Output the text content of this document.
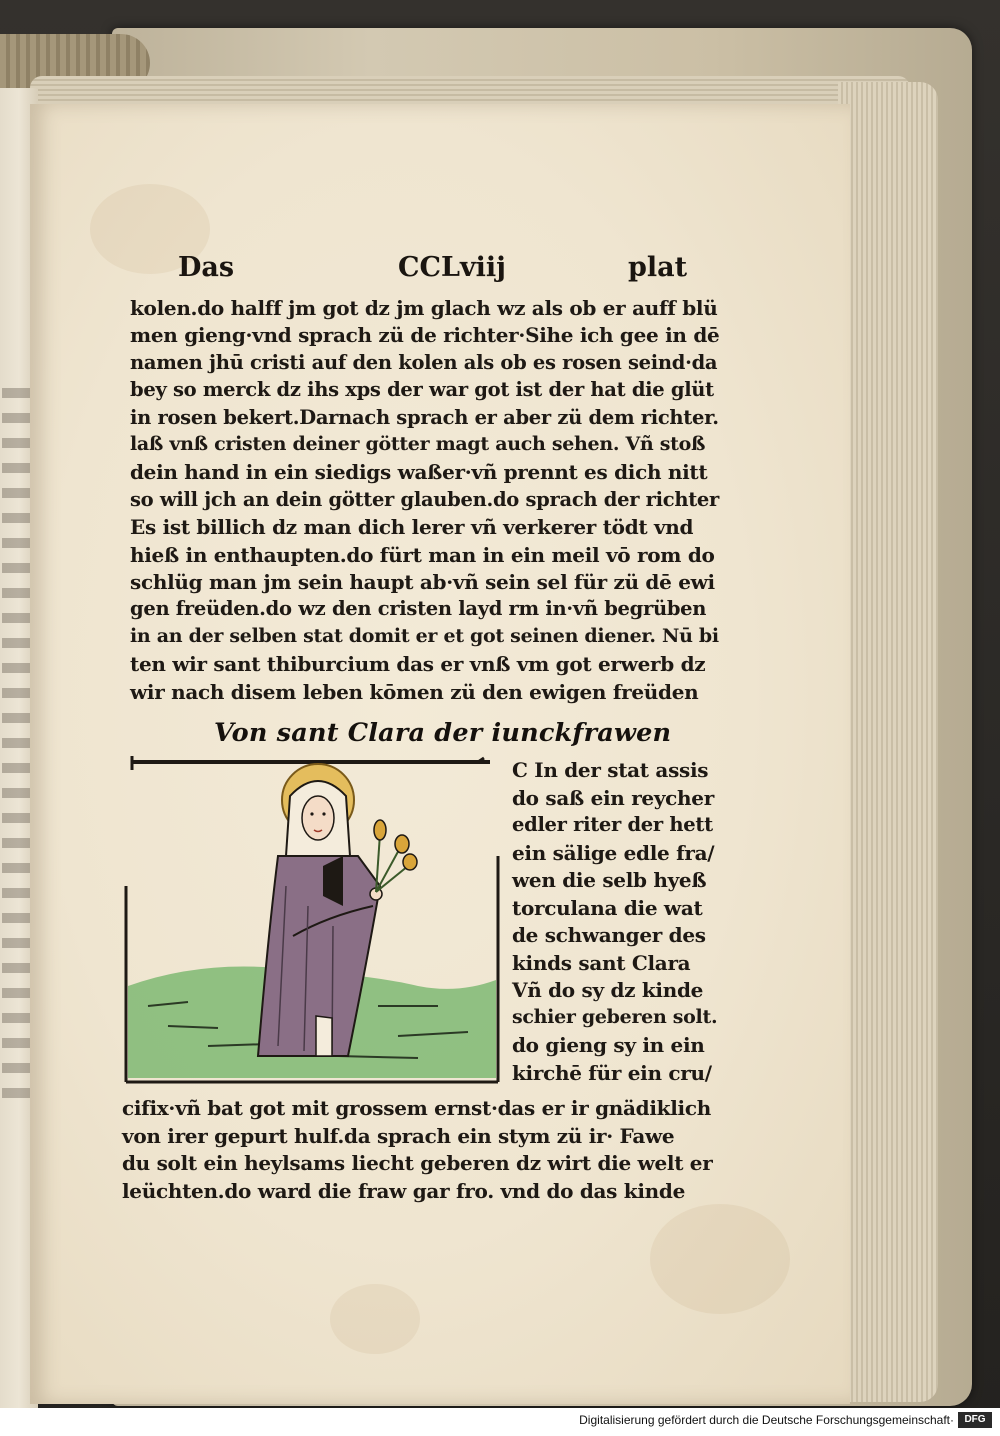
Das	CCLviij	plat
kolen.do halff jm got dz jm glach wz als ob er auff blü
men gieng·vnd sprach zü de richter·Sihe ich gee in dē
namen jhū cristi auf den kolen als ob es rosen seind·da
bey so merck dz ihs xps der war got ist der hat die glüt
in rosen bekert.Darnach sprach er aber zü dem richter.
laß vnß cristen deiner götter magt auch sehen. Vñ stoß
dein hand in ein siedigs waßer·vñ prennt es dich nitt
so will jch an dein götter glauben.do sprach der richter
Es ist billich dz man dich lerer vñ verkerer tödt vnd
hieß in enthaupten.do fürt man in ein meil vō rom do
schlüg man jm sein haupt ab·vñ sein sel für zü dē ewi
gen freüden.do wz den cristen layd rm in·vñ begrüben
in an der selben stat domit er et got seinen diener. Nū bi
ten wir sant thiburcium das er vnß vm got erwerb dz
wir nach disem leben kōmen zü den ewigen freüden
Von sant Clara der iunckfrawen
C In der stat assis
do saß ein reycher
edler riter der hett
ein sälige edle fra/
wen die selb hyeß
torculana die wat
de schwanger des
kinds sant Clara
Vñ do sy dz kinde
schier geberen solt.
do gieng sy in ein
kirchē für ein cru/
cifix·vñ bat got mit grossem ernst·das er ir gnädiklich
von irer gepurt hulf.da sprach ein stym zü ir· Fawe
du solt ein heylsams liecht geberen dz wirt die welt er
leüchten.do ward die fraw gar fro. vnd do das kinde
Digitalisierung gefördert durch die Deutsche Forschungsgemeinschaft·	DFG
